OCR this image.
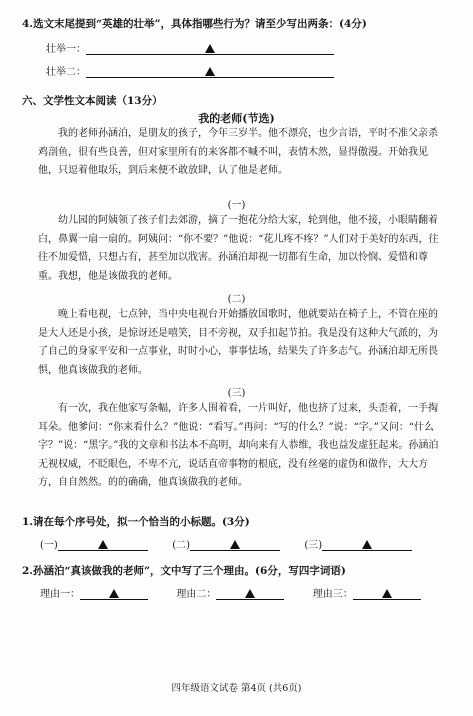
4.选文末尾提到“英雄的壮举”，具体指哪些行为？请至少写出两条：(4分)
壮举一：
壮举二：
六、文学性文本阅读（13分）
我的老师(节选)
我的老师孙涵泊，是朋友的孩子，今年三岁半。他不漂亮，也少言语，平时不准父亲杀鸡剖鱼，很有些良善，但对家里所有的来客都不喊不叫，表情木然，显得傲漫。开始我见他，只逗着他取乐，到后来便不敢放肆，认了他是老师。
(一)
幼儿园的阿姨领了孩子们去郊游，摘了一抱花分给大家，轮到他，他不接，小眼睛翻着白，鼻翼一扇一扇的。阿姨问：“你不要？”他说：“花儿疼不疼？”人们对于美好的东西，往往不加爱惜，只想占有，甚至加以戕害。孙涵泊却视一切都有生命，加以怜悯、爱惜和尊重。我想，他是该做我的老师。
(二)
晚上看电视，七点钟，当中央电视台开始播放国歌时，他就要站在椅子上，不管在座的是大人还是小孩，是惊讶还是嘻笑，目不旁视，双手扣起节拍。我是没有这种大气派的，为了自己的身家平安和一点事业，时时小心，事事怯场，结果失了许多志气。孙涵泊却无所畏惧，他真该做我的老师。
(三)
有一次，我在他家写条幅，许多人围着看，一片叫好，他也挤了过来，头歪着，一手掏耳朵。他爹问：“你来看什么？”他说：“看写。”再问：“写的什么？”说：“字。”又问：“什么字？”说：“黑字。”我的文章和书法本不高明，却向来有人恭维，我也益发虚狂起来。孙涵泊无视权威，不眨眼色，不卑不亢，说话直帝事物的根底，没有丝毫的虚伪和做作，大大方方，自自然然。的的确确，他真该做我的老师。
1.请在每个序号处，拟一个恰当的小标题。(3分)
(一)	(二)	(三)
2.孙涵泊“真该做我的老师”，文中写了三个理由。(6分，写四字词语)
理由一：	理由二：	理由三：
四年级语文试卷 第4页 (共6页)
